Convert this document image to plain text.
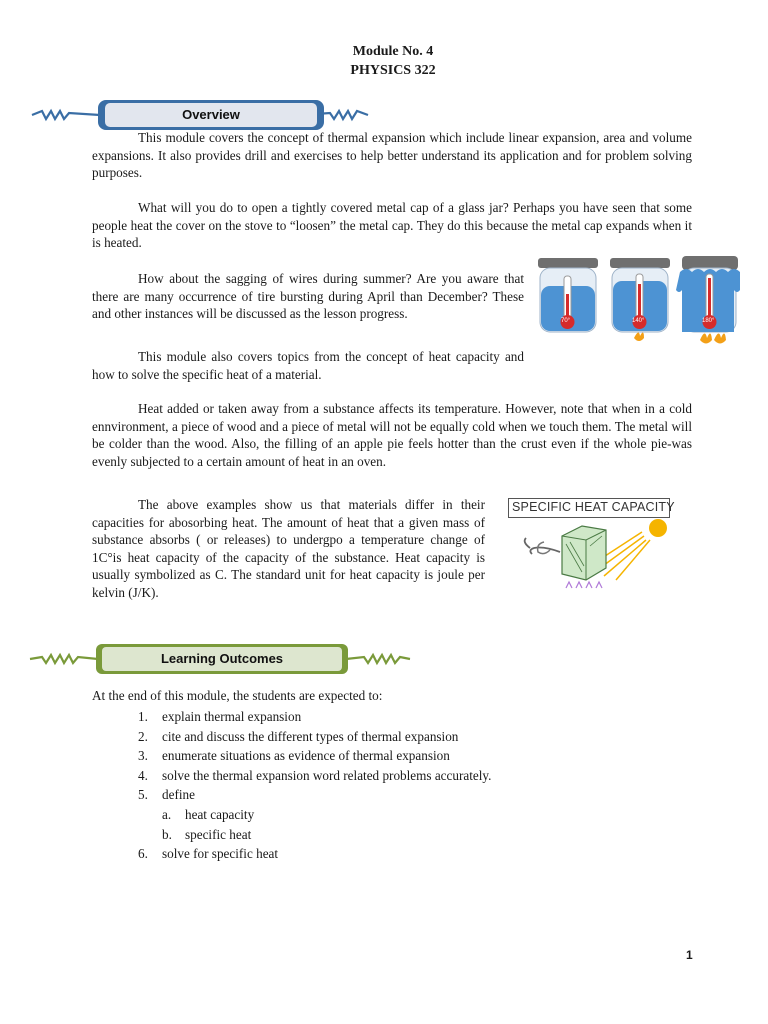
Module No. 4
PHYSICS 322
Overview

This module covers the concept of thermal expansion which include linear expansion, area and volume expansions. It also provides drill and exercises to help better understand its application and for problem solving purposes.

What will you do to open a tightly covered metal cap of a glass jar? Perhaps you have seen that some people heat the cover on the stove to “loosen” the metal cap. They do this because the metal cap expands when it is heated.

How about the sagging of wires during summer? Are you aware that there are many occurrence of tire bursting during April than December? These and other instances will be discussed as the lesson progress.

This module also covers topics from the concept of heat capacity and how to solve the specific heat of a material.

70°	140°	180°

Heat added or taken away from a substance affects its temperature. However, note that when in a cold ennvironment, a piece of wood and a piece of metal will not be equally cold when we touch them. The metal will be colder than the wood. Also, the filling of an apple pie feels hotter than the crust even if the whole pie-was evenly subjected to a certain amount of heat in an oven.

The above examples show us that materials differ in their capacities for abosorbing heat. The amount of heat that a given mass of substance absorbs ( or releases) to undergpo a temperature change of 1C°is heat capacity of the capacity of the substance. Heat capacity is usually symbolized as C. The standard unit for heat capacity is joule per kelvin (J/K).

SPECIFIC HEAT CAPACITY
Learning Outcomes
At the end of this module, the students are expected to:
1. explain thermal expansion
2. cite and discuss the different types of thermal expansion
3. enumerate situations as evidence of thermal expansion
4. solve the thermal expansion word related problems accurately.
5. define
a. heat capacity
b. specific heat
6. solve for specific heat
1
